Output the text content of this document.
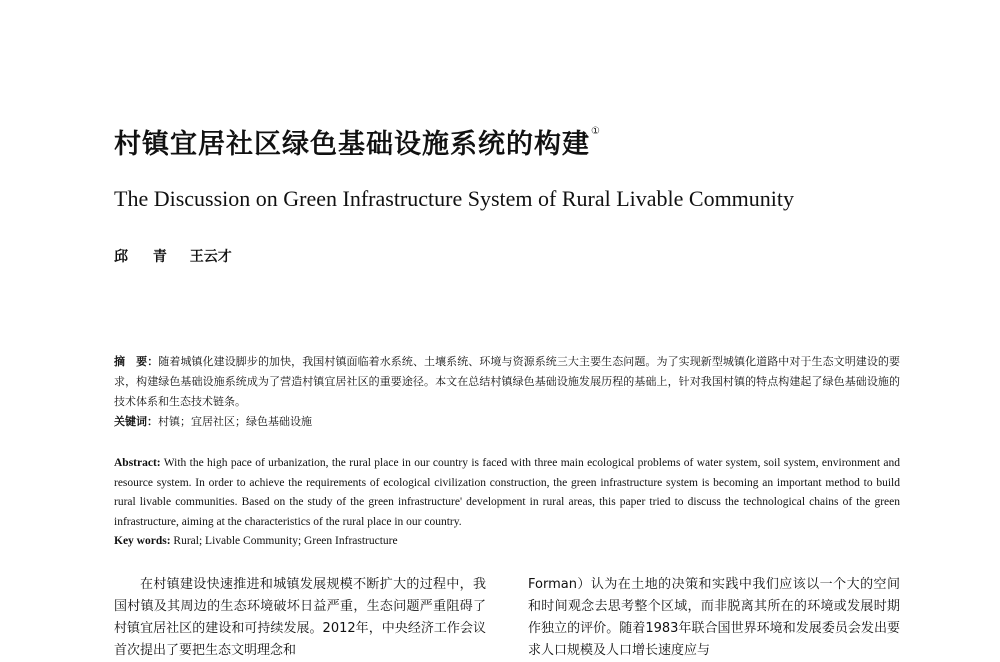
村镇宜居社区绿色基础设施系统的构建①
The Discussion on Green Infrastructure System of Rural Livable Community
邱 青 王云才

摘　要：随着城镇化建设脚步的加快，我国村镇面临着水系统、土壤系统、环境与资源系统三大主要生态问题。为了实现新型城镇化道路中对于生态文明建设的要求，构建绿色基础设施系统成为了营造村镇宜居社区的重要途径。本文在总结村镇绿色基础设施发展历程的基础上，针对我国村镇的特点构建起了绿色基础设施的技术体系和生态技术链条。

关键词：村镇；宜居社区；绿色基础设施

Abstract: With the high pace of urbanization, the rural place in our country is faced with three main ecological problems of water system, soil system, environment and resource system. In order to achieve the requirements of ecological civilization construction, the green infrastructure system is becoming an important method to build rural livable communities. Based on the study of the green infrastructure' development in rural areas, this paper tried to discuss the technological chains of the green infrastructure, aiming at the characteristics of the rural place in our country.

Key words: Rural; Livable Community; Green Infrastructure

在村镇建设快速推进和城镇发展规模不断扩大的过程中，我国村镇及其周边的生态环境破坏日益严重，生态问题严重阻碍了村镇宜居社区的建设和可持续发展。2012年，中央经济工作会议首次提出了要把生态文明理念和

Forman）认为在土地的决策和实践中我们应该以一个大的空间和时间观念去思考整个区域，而非脱离其所在的环境或发展时期作独立的评价。随着1983年联合国世界环境和发展委员会发出要求人口规模及人口增长速度应与
